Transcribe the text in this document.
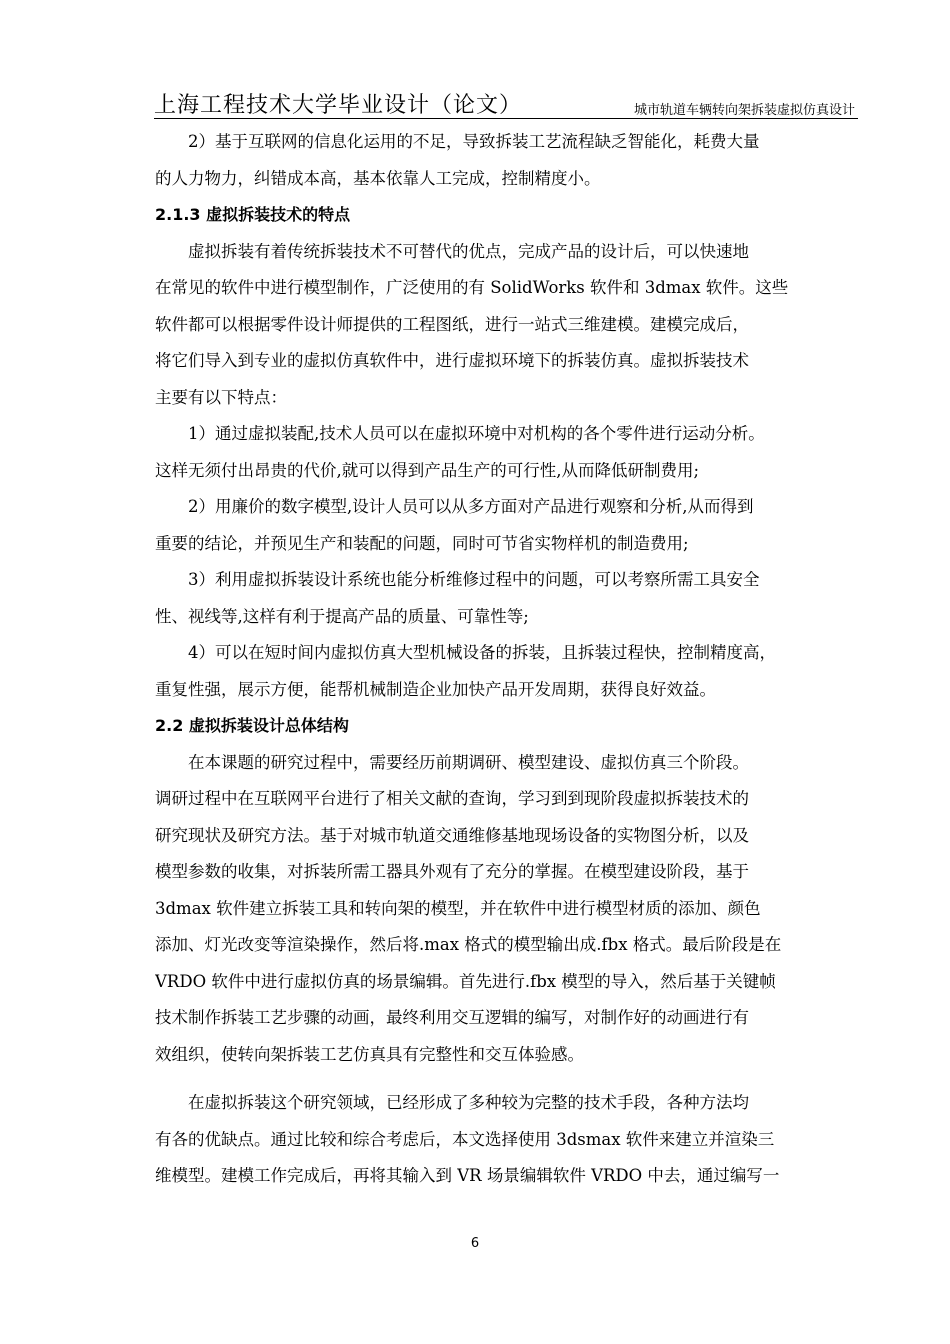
上海工程技术大学毕业设计（论文）	城市轨道车辆转向架拆装虚拟仿真设计
2）基于互联网的信息化运用的不足，导致拆装工艺流程缺乏智能化，耗费大量
的人力物力，纠错成本高，基本依靠人工完成，控制精度小。
2.1.3 虚拟拆装技术的特点
虚拟拆装有着传统拆装技术不可替代的优点，完成产品的设计后，可以快速地
在常见的软件中进行模型制作，广泛使用的有 SolidWorks 软件和 3dmax 软件。这些
软件都可以根据零件设计师提供的工程图纸，进行一站式三维建模。建模完成后，
将它们导入到专业的虚拟仿真软件中，进行虚拟环境下的拆装仿真。虚拟拆装技术
主要有以下特点：
1）通过虚拟装配,技术人员可以在虚拟环境中对机构的各个零件进行运动分析。
这样无须付出昂贵的代价,就可以得到产品生产的可行性,从而降低研制费用;
2）用廉价的数字模型,设计人员可以从多方面对产品进行观察和分析,从而得到
重要的结论，并预见生产和装配的问题，同时可节省实物样机的制造费用;
3）利用虚拟拆装设计系统也能分析维修过程中的问题，可以考察所需工具安全
性、视线等,这样有利于提高产品的质量、可靠性等;
4）可以在短时间内虚拟仿真大型机械设备的拆装，且拆装过程快，控制精度高，
重复性强，展示方便，能帮机械制造企业加快产品开发周期，获得良好效益。
2.2 虚拟拆装设计总体结构
在本课题的研究过程中，需要经历前期调研、模型建设、虚拟仿真三个阶段。
调研过程中在互联网平台进行了相关文献的查询，学习到到现阶段虚拟拆装技术的
研究现状及研究方法。基于对城市轨道交通维修基地现场设备的实物图分析，以及
模型参数的收集，对拆装所需工器具外观有了充分的掌握。在模型建设阶段，基于
3dmax 软件建立拆装工具和转向架的模型，并在软件中进行模型材质的添加、颜色
添加、灯光改变等渲染操作，然后将.max 格式的模型输出成.fbx 格式。最后阶段是在
VRDO 软件中进行虚拟仿真的场景编辑。首先进行.fbx 模型的导入，然后基于关键帧
技术制作拆装工艺步骤的动画，最终利用交互逻辑的编写，对制作好的动画进行有
效组织，使转向架拆装工艺仿真具有完整性和交互体验感。
在虚拟拆装这个研究领域，已经形成了多种较为完整的技术手段，各种方法均
有各的优缺点。通过比较和综合考虑后，本文选择使用 3dsmax 软件来建立并渲染三
维模型。建模工作完成后，再将其输入到 VR 场景编辑软件 VRDO 中去，通过编写一
6
